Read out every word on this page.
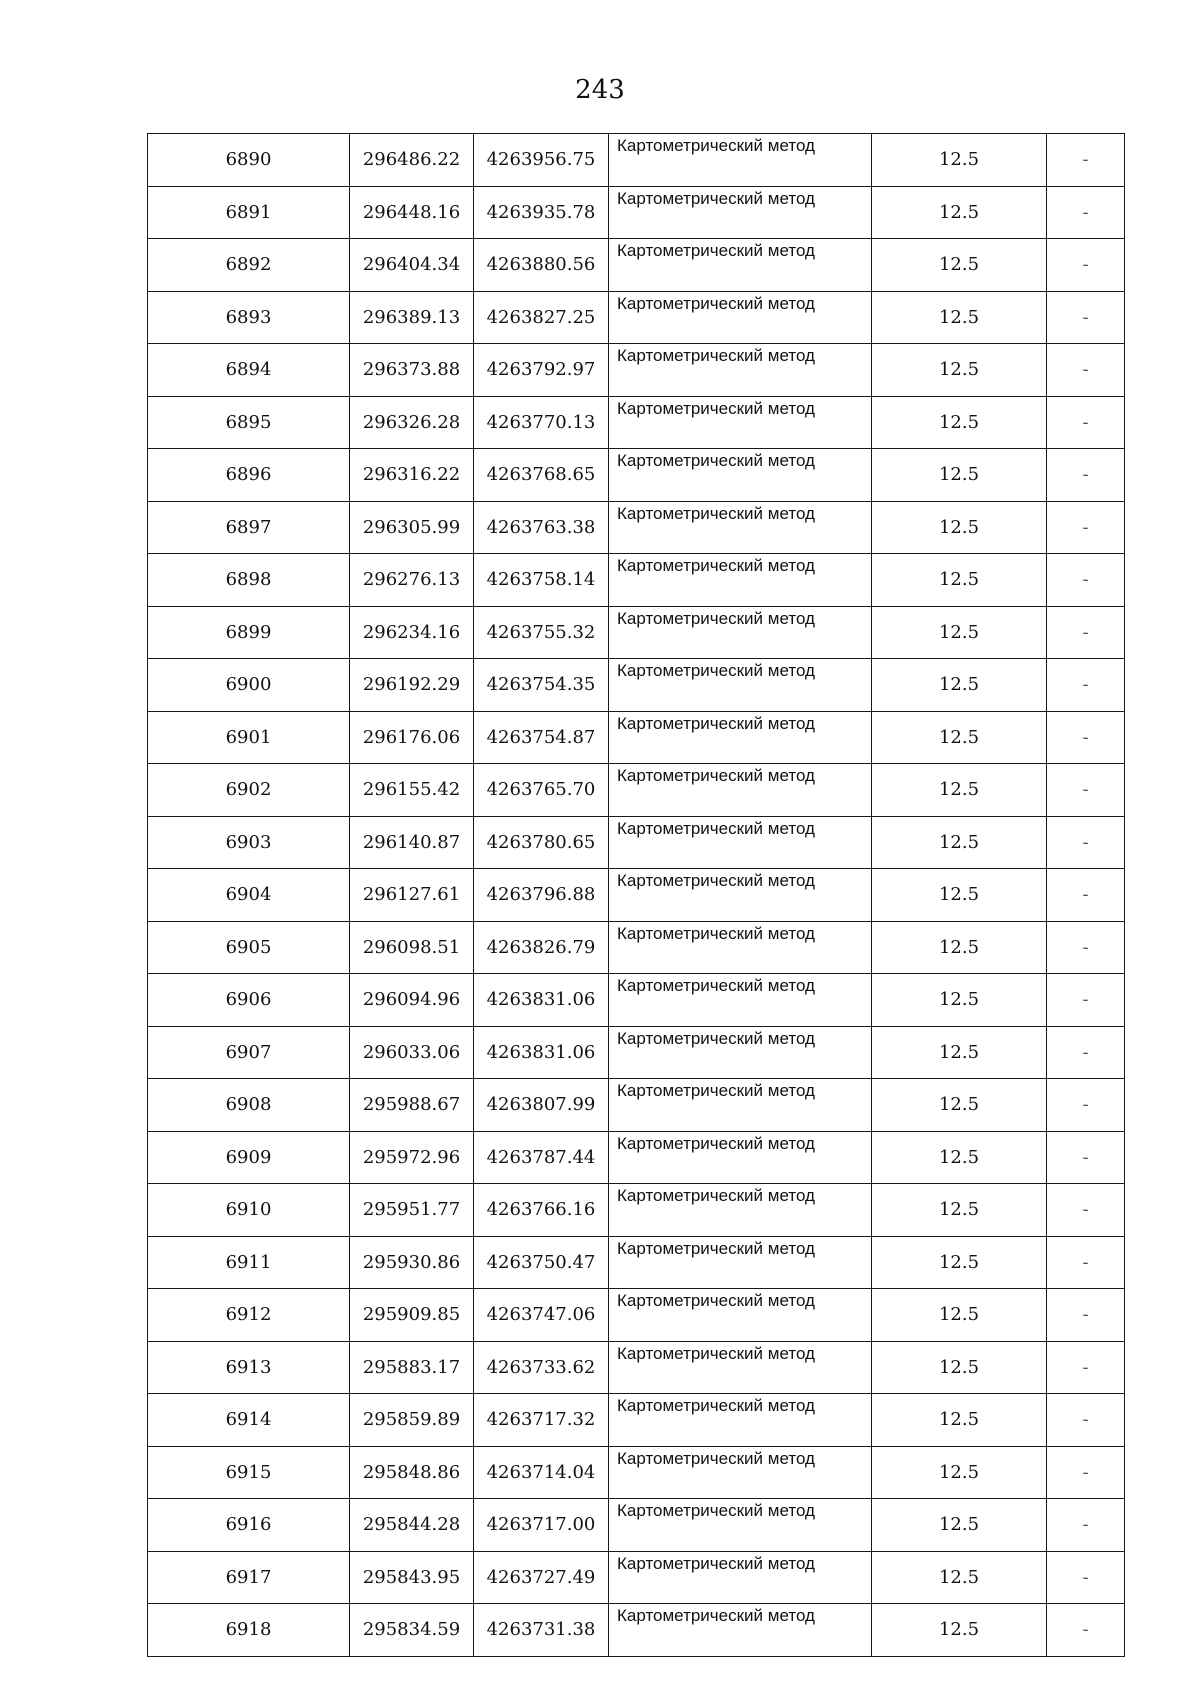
243
6890	296486.22	4263956.75	Картометрический метод	12.5	-
6891	296448.16	4263935.78	Картометрический метод	12.5	-
6892	296404.34	4263880.56	Картометрический метод	12.5	-
6893	296389.13	4263827.25	Картометрический метод	12.5	-
6894	296373.88	4263792.97	Картометрический метод	12.5	-
6895	296326.28	4263770.13	Картометрический метод	12.5	-
6896	296316.22	4263768.65	Картометрический метод	12.5	-
6897	296305.99	4263763.38	Картометрический метод	12.5	-
6898	296276.13	4263758.14	Картометрический метод	12.5	-
6899	296234.16	4263755.32	Картометрический метод	12.5	-
6900	296192.29	4263754.35	Картометрический метод	12.5	-
6901	296176.06	4263754.87	Картометрический метод	12.5	-
6902	296155.42	4263765.70	Картометрический метод	12.5	-
6903	296140.87	4263780.65	Картометрический метод	12.5	-
6904	296127.61	4263796.88	Картометрический метод	12.5	-
6905	296098.51	4263826.79	Картометрический метод	12.5	-
6906	296094.96	4263831.06	Картометрический метод	12.5	-
6907	296033.06	4263831.06	Картометрический метод	12.5	-
6908	295988.67	4263807.99	Картометрический метод	12.5	-
6909	295972.96	4263787.44	Картометрический метод	12.5	-
6910	295951.77	4263766.16	Картометрический метод	12.5	-
6911	295930.86	4263750.47	Картометрический метод	12.5	-
6912	295909.85	4263747.06	Картометрический метод	12.5	-
6913	295883.17	4263733.62	Картометрический метод	12.5	-
6914	295859.89	4263717.32	Картометрический метод	12.5	-
6915	295848.86	4263714.04	Картометрический метод	12.5	-
6916	295844.28	4263717.00	Картометрический метод	12.5	-
6917	295843.95	4263727.49	Картометрический метод	12.5	-
6918	295834.59	4263731.38	Картометрический метод	12.5	-
